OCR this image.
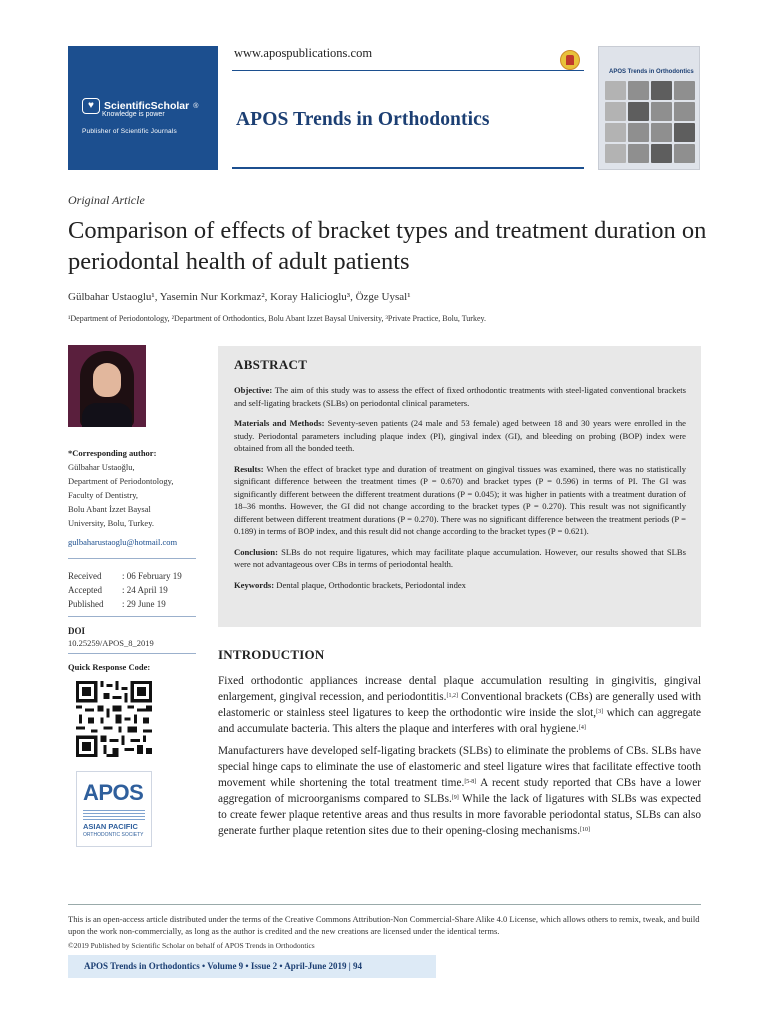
♥ ScientificScholar ®
Knowledge is power
Publisher of Scientific Journals
www.apospublications.com
APOS Trends in Orthodontics
APOS Trends in Orthodontics
Original Article
Comparison of effects of bracket types and treatment duration on periodontal health of adult patients
Gülbahar Ustaoglu¹, Yasemin Nur Korkmaz², Koray Halicioglu³, Özge Uysal¹
¹Department of Periodontology, ²Department of Orthodontics, Bolu Abant Izzet Baysal University, ³Private Practice, Bolu, Turkey.
*Corresponding author:
Gülbahar Ustaoğlu,
Department of Periodontology,
Faculty of Dentistry,
Bolu Abant İzzet Baysal
University, Bolu, Turkey.
gulbaharustaoglu@hotmail.com
Received	: 06 February 19
Accepted	: 24 April 19
Published	: 29 June 19
DOI
10.25259/APOS_8_2019
Quick Response Code:
APOS
ASIAN PACIFIC
ORTHODONTIC SOCIETY
ABSTRACT

Objective: The aim of this study was to assess the effect of fixed orthodontic treatments with steel-ligated conventional brackets and self-ligating brackets (SLBs) on periodontal clinical parameters.

Materials and Methods: Seventy-seven patients (24 male and 53 female) aged between 18 and 30 years were enrolled in the study. Periodontal parameters including plaque index (PI), gingival index (GI), and bleeding on probing (BOP) index were obtained from all the bonded teeth.

Results: When the effect of bracket type and duration of treatment on gingival tissues was examined, there was no statistically significant difference between the treatment times (P = 0.670) and bracket types (P = 0.596) in terms of PI. The GI was significantly different between the different treatment durations (P = 0.045); it was higher in patients with a treatment duration of 18–36 months. However, the GI did not change according to the bracket types (P = 0.270). This result was not significantly different between different treatment durations (P = 0.270). There was no significant difference between the treatment periods (P = 0.189) in terms of BOP index, and this result did not change according to the bracket types (P = 0.621).

Conclusion: SLBs do not require ligatures, which may facilitate plaque accumulation. However, our results showed that SLBs were not advantageous over CBs in terms of periodontal health.

Keywords: Dental plaque, Orthodontic brackets, Periodontal index

INTRODUCTION

Fixed orthodontic appliances increase dental plaque accumulation resulting in gingivitis, gingival enlargement, gingival recession, and periodontitis.[1,2] Conventional brackets (CBs) are generally used with elastomeric or stainless steel ligatures to keep the orthodontic wire inside the slot,[3] which can aggregate and accumulate bacteria. This alters the plaque and interferes with oral hygiene.[4]

Manufacturers have developed self-ligating brackets (SLBs) to eliminate the problems of CBs. SLBs have special hinge caps to eliminate the use of elastomeric and steel ligature wires that facilitate effective tooth movement while shortening the total treatment time.[5-8] A recent study reported that CBs have a lower aggregation of microorganisms compared to SLBs.[9] While the lack of ligatures with SLBs was expected to create fewer plaque retentive areas and thus results in more favorable periodontal status, SLBs can also generate further plaque retention sites due to their opening-closing mechanisms.[10]

This is an open-access article distributed under the terms of the Creative Commons Attribution-Non Commercial-Share Alike 4.0 License, which allows others to remix, tweak, and build upon the work non-commercially, as long as the author is credited and the new creations are licensed under the identical terms.
©2019 Published by Scientific Scholar on behalf of APOS Trends in Orthodontics
APOS Trends in Orthodontics • Volume 9 • Issue 2 • April-June 2019 | 94
